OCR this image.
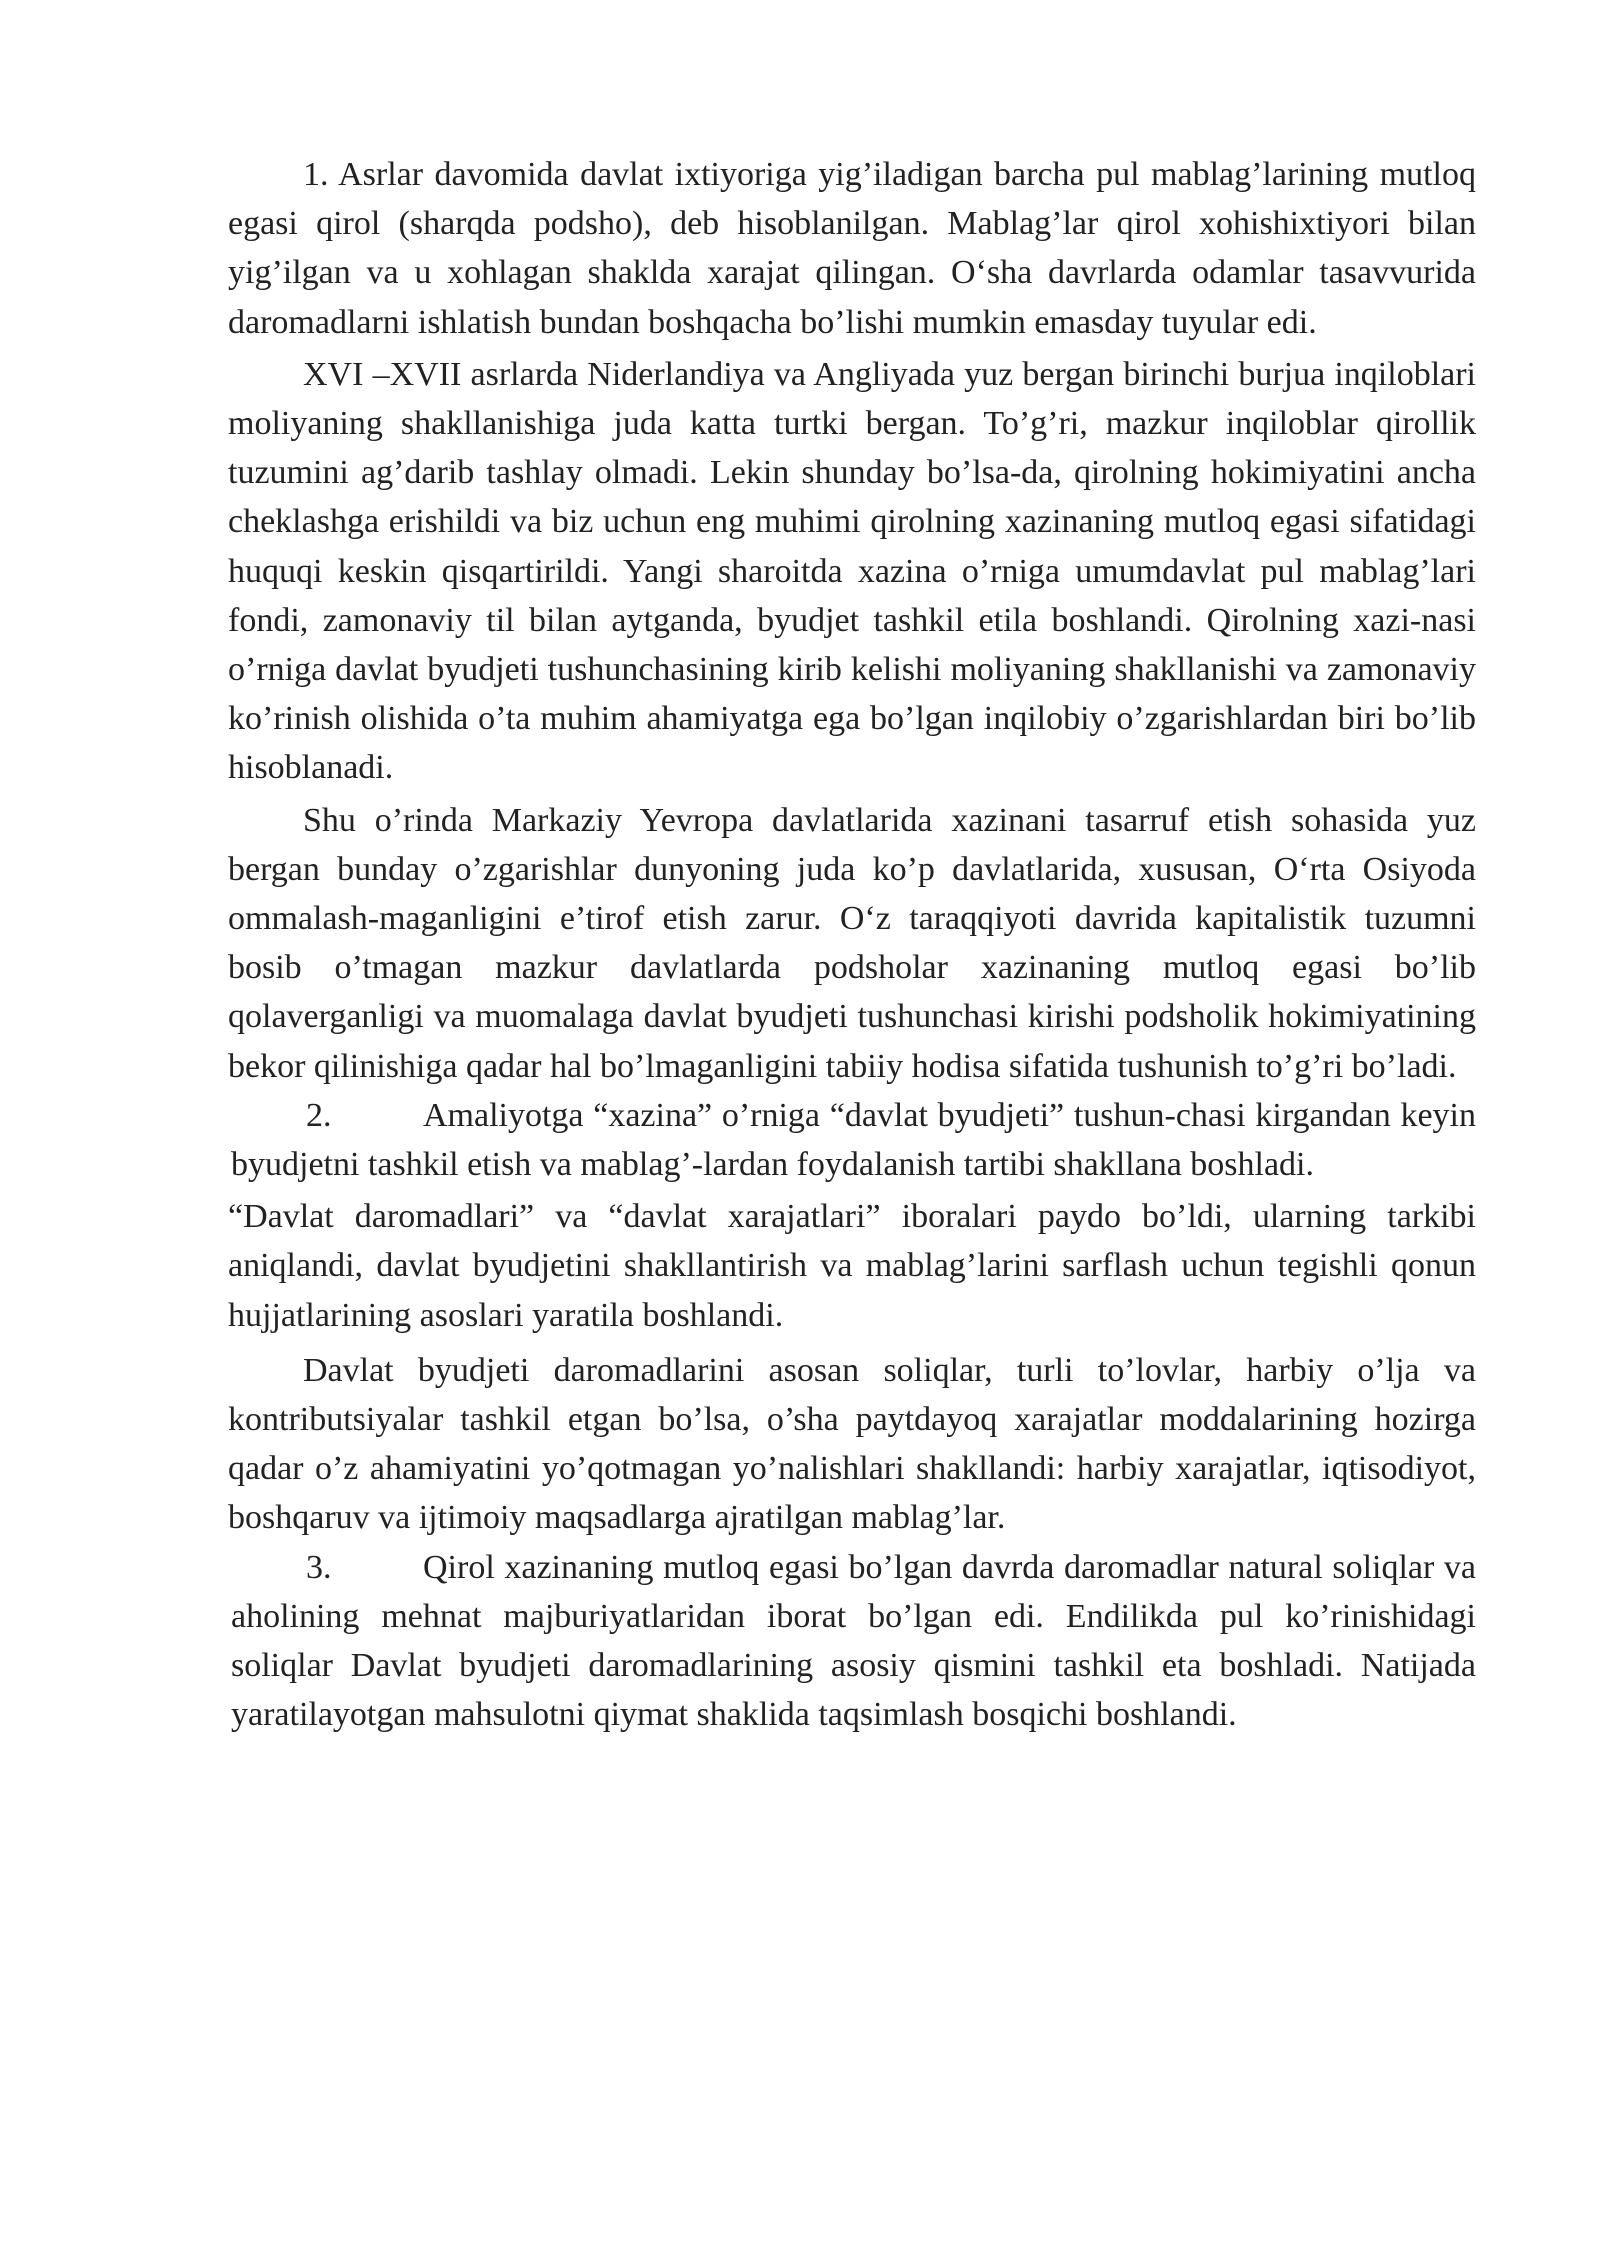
1. Asrlar davomida davlat ixtiyoriga yig’iladigan barcha pul mablag’larining mutloq egasi qirol (sharqda podsho), deb hisoblanilgan. Mablag’lar qirol xohishixtiyori bilan yig’ilgan va u xohlagan shaklda xarajat qilingan. O‘sha davrlarda odamlar tasavvurida daromadlarni ishlatish bundan boshqacha bo’lishi mumkin emasday tuyular edi.

XVI –XVII asrlarda Niderlandiya va Angliyada yuz bergan birinchi burjua inqiloblari moliyaning shakllanishiga juda katta turtki bergan. To’g’ri, mazkur inqiloblar qirollik tuzumini ag’darib tashlay olmadi. Lekin shunday bo’lsa-da, qirolning hokimiyatini ancha cheklashga erishildi va biz uchun eng muhimi qirolning xazinaning mutloq egasi sifatidagi huquqi keskin qisqartirildi. Yangi sharoitda xazina o’rniga umumdavlat pul mablag’lari fondi, zamonaviy til bilan aytganda, byudjet tashkil etila boshlandi. Qirolning xazi-nasi o’rniga davlat byudjeti tushunchasining kirib kelishi moliyaning shakllanishi va zamonaviy ko’rinish olishida o’ta muhim ahamiyatga ega bo’lgan inqilobiy o’zgarishlardan biri bo’lib hisoblanadi.

Shu o’rinda Markaziy Yevropa davlatlarida xazinani tasarruf etish sohasida yuz bergan bunday o’zgarishlar dunyoning juda ko’p davlatlarida, xususan, O‘rta Osiyoda ommalash-maganligini e’tirof etish zarur. O‘z taraqqiyoti davrida kapitalistik tuzumni bosib o’tmagan mazkur davlatlarda podsholar xazinaning mutloq egasi bo’lib qolaverganligi va muomalaga davlat byudjeti tushunchasi kirishi podsholik hokimiyatining bekor qilinishiga qadar hal bo’lmaganligini tabiiy hodisa sifatida tushunish to’g’ri bo’ladi.

2.	Amaliyotga “xazina” o’rniga “davlat byudjeti” tushun-chasi kirgandan keyin byudjetni tashkil etish va mablag’-lardan foydalanish tartibi shakllana boshladi.

“Davlat daromadlari” va “davlat xarajatlari” iboralari paydo bo’ldi, ularning tarkibi aniqlandi, davlat byudjetini shakllantirish va mablag’larini sarflash uchun tegishli qonun hujjatlarining asoslari yaratila boshlandi.

Davlat byudjeti daromadlarini asosan soliqlar, turli to’lovlar, harbiy o’lja va kontributsiyalar tashkil etgan bo’lsa, o’sha paytdayoq xarajatlar moddalarining hozirga qadar o’z ahamiyatini yo’qotmagan yo’nalishlari shakllandi: harbiy xarajatlar, iqtisodiyot, boshqaruv va ijtimoiy maqsadlarga ajratilgan mablag’lar.

3.	Qirol xazinaning mutloq egasi bo’lgan davrda daromadlar natural soliqlar va aholining mehnat majburiyatlaridan iborat bo’lgan edi. Endilikda pul ko’rinishidagi soliqlar Davlat byudjeti daromadlarining asosiy qismini tashkil eta boshladi. Natijada yaratilayotgan mahsulotni qiymat shaklida taqsimlash bosqichi boshlandi.
